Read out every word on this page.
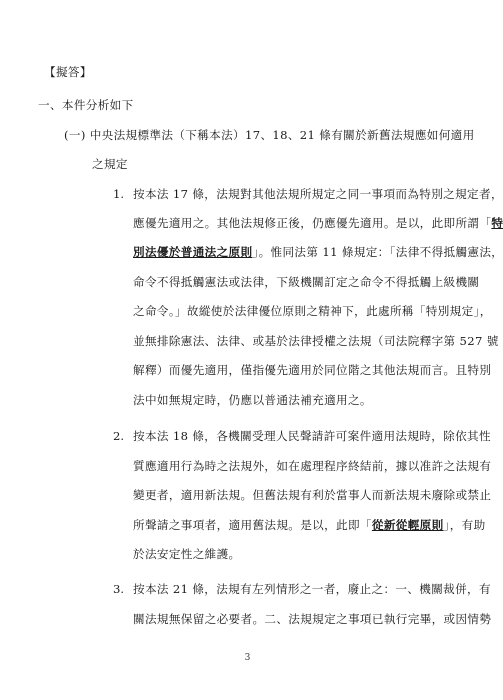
【擬答】
一、本件分析如下
(一) 中央法規標準法（下稱本法）17、18、21 條有關於新舊法規應如何適用
之規定
1. 按本法 17 條，法規對其他法規所規定之同一事項而為特別之規定者，
應優先適用之。其他法規修正後，仍應優先適用。是以，此即所謂「特
別法優於普通法之原則」。惟同法第 11 條規定：「法律不得抵觸憲法，
命令不得抵觸憲法或法律，下級機關訂定之命令不得抵觸上級機關
之命令。」故縱使於法律優位原則之精神下，此處所稱「特別規定」，
並無排除憲法、法律、或基於法律授權之法規（司法院釋字第 527 號
解釋）而優先適用，僅指優先適用於同位階之其他法規而言。且特別
法中如無規定時，仍應以普通法補充適用之。
2. 按本法 18 條，各機關受理人民聲請許可案件適用法規時，除依其性
質應適用行為時之法規外，如在處理程序終結前，據以准許之法規有
變更者，適用新法規。但舊法規有利於當事人而新法規未廢除或禁止
所聲請之事項者，適用舊法規。是以，此即「從新從輕原則」，有助
於法安定性之維護。
3. 按本法 21 條，法規有左列情形之一者，廢止之：一、機關裁併，有
關法規無保留之必要者。二、法規規定之事項已執行完畢，或因情勢
3
